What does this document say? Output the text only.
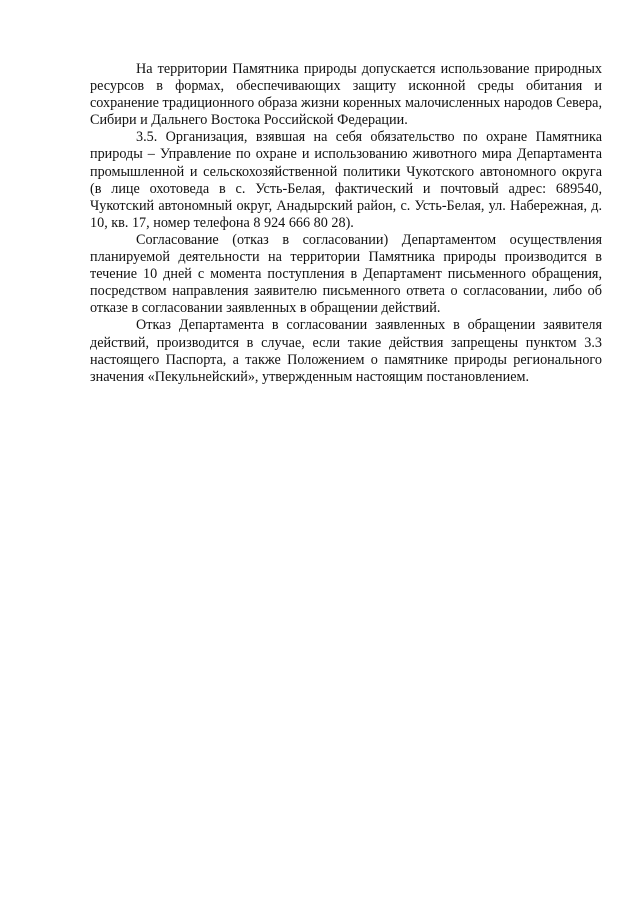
На территории Памятника природы допускается использование природных ресурсов в формах, обеспечивающих защиту исконной среды обитания и сохранение традиционного образа жизни коренных малочисленных народов Севера, Сибири и Дальнего Востока Российской Федерации.

3.5. Организация, взявшая на себя обязательство по охране Памятника природы – Управление по охране и использованию животного мира Департамента промышленной и сельскохозяйственной политики Чукотского автономного округа (в лице охотоведа в с. Усть-Белая, фактический и почтовый адрес: 689540, Чукотский автономный округ, Анадырский район, с. Усть-Белая, ул. Набережная, д. 10, кв. 17, номер телефона 8 924 666 80 28).

Согласование (отказ в согласовании) Департаментом осуществления планируемой деятельности на территории Памятника природы производится в течение 10 дней с момента поступления в Департамент письменного обращения, посредством направления заявителю письменного ответа о согласовании, либо об отказе в согласовании заявленных в обращении действий.

Отказ Департамента в согласовании заявленных в обращении заявителя действий, производится в случае, если такие действия запрещены пунктом 3.3 настоящего Паспорта, а также Положением о памятнике природы регионального значения «Пекульнейский», утвержденным настоящим постановлением.
